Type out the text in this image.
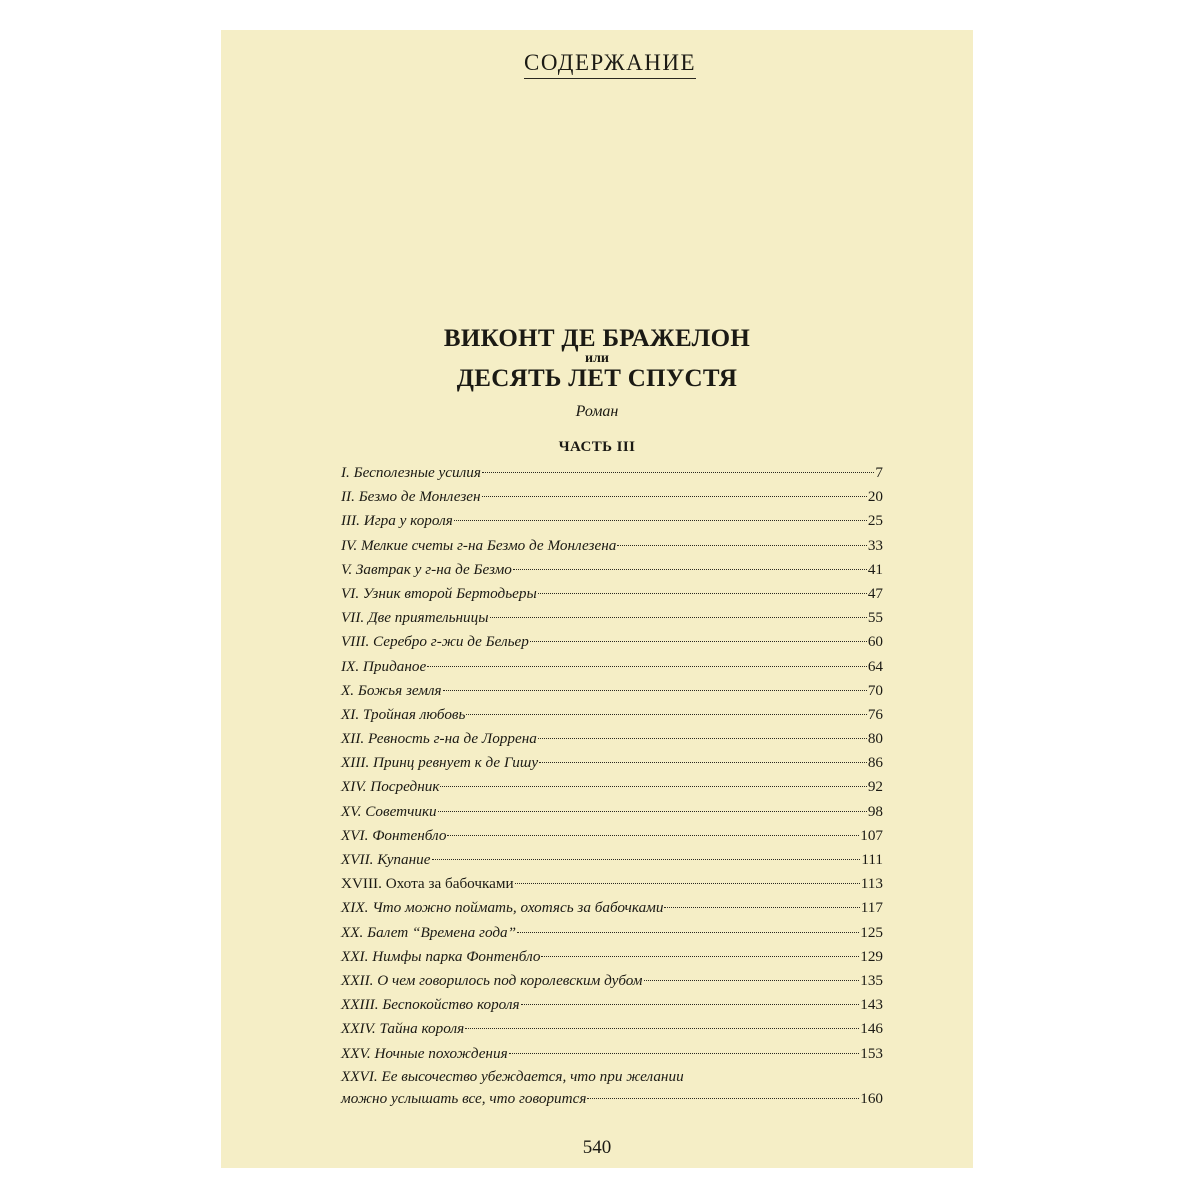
СОДЕРЖАНИЕ
ВИКОНТ ДЕ БРАЖЕЛОН
или
ДЕСЯТЬ ЛЕТ СПУСТЯ
Роман
ЧАСТЬ III
I. Бесполезные усилия	7
II. Безмо де Монлезен	20
III. Игра у короля	25
IV. Мелкие счеты г-на Безмо де Монлезена	33
V. Завтрак у г-на де Безмо	41
VI. Узник второй Бертодьеры	47
VII. Две приятельницы	55
VIII. Серебро г-жи де Бельер	60
IX. Приданое	64
X. Божья земля	70
XI. Тройная любовь	76
XII. Ревность г-на де Лоррена	80
XIII. Принц ревнует к де Гишу	86
XIV. Посредник	92
XV. Советчики	98
XVI. Фонтенбло	107
XVII. Купание	111
XVIII. Охота за бабочками	113
XIX. Что можно поймать, охотясь за бабочками	117
XX. Балет “Времена года”	125
XXI. Нимфы парка Фонтенбло	129
XXII. О чем говорилось под королевским дубом	135
XXIII. Беспокойство короля	143
XXIV. Тайна короля	146
XXV. Ночные похождения	153
XXVI. Ее высочество убеждается, что при желании
можно услышать все, что говорится	160
540
